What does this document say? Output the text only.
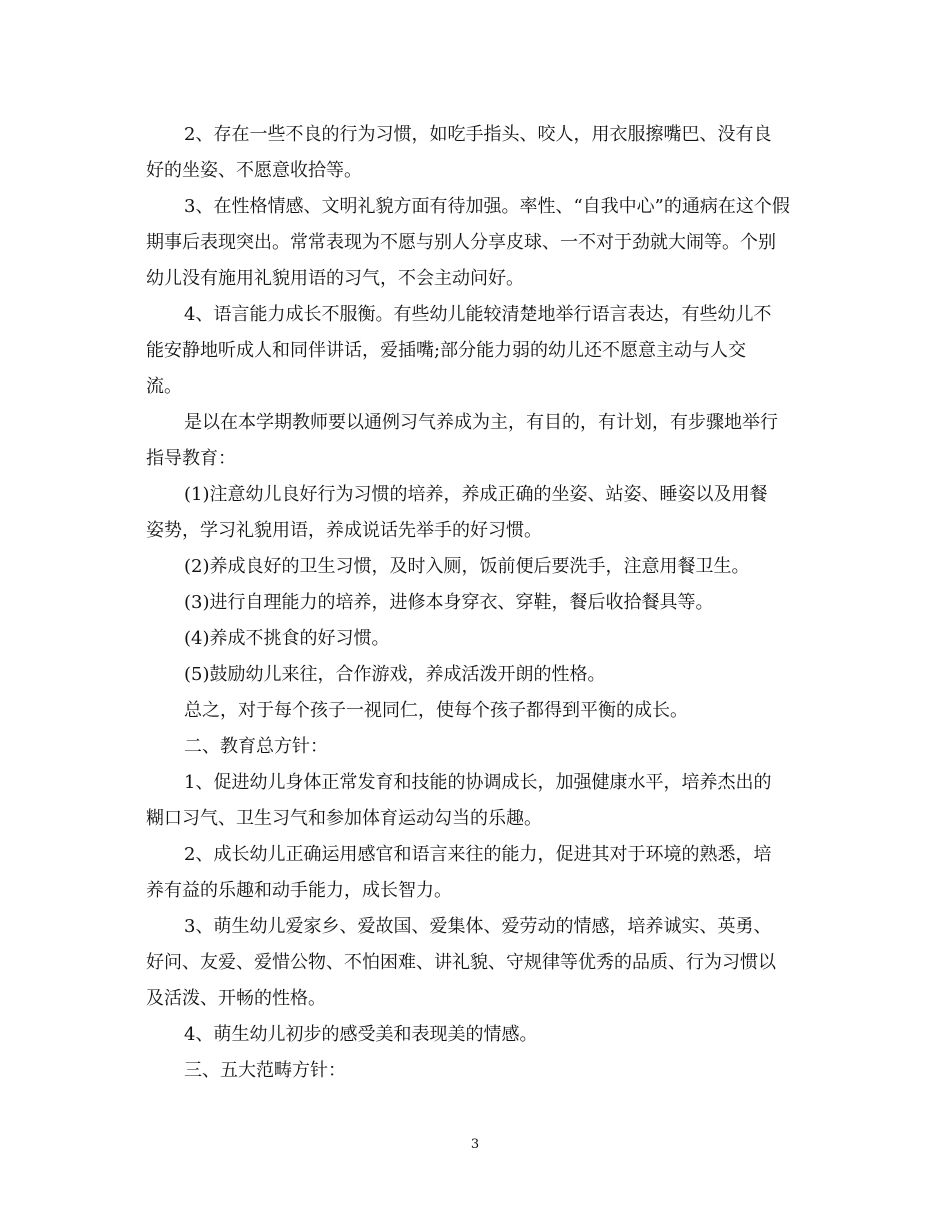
2、存在一些不良的行为习惯，如吃手指头、咬人，用衣服擦嘴巴、没有良
好的坐姿、不愿意收拾等。
3、在性格情感、文明礼貌方面有待加强。率性、“自我中心”的通病在这个假
期事后表现突出。常常表现为不愿与别人分享皮球、一不对于劲就大闹等。个别
幼儿没有施用礼貌用语的习气，不会主动问好。
4、语言能力成长不服衡。有些幼儿能较清楚地举行语言表达，有些幼儿不
能安静地听成人和同伴讲话，爱插嘴;部分能力弱的幼儿还不愿意主动与人交
流。
是以在本学期教师要以通例习气养成为主，有目的，有计划，有步骤地举行
指导教育：
(1)注意幼儿良好行为习惯的培养，养成正确的坐姿、站姿、睡姿以及用餐
姿势，学习礼貌用语，养成说话先举手的好习惯。
(2)养成良好的卫生习惯，及时入厕，饭前便后要洗手，注意用餐卫生。
(3)进行自理能力的培养，进修本身穿衣、穿鞋，餐后收拾餐具等。
(4)养成不挑食的好习惯。
(5)鼓励幼儿来往，合作游戏，养成活泼开朗的性格。
总之，对于每个孩子一视同仁，使每个孩子都得到平衡的成长。
二、教育总方针：
1、促进幼儿身体正常发育和技能的协调成长，加强健康水平，培养杰出的
糊口习气、卫生习气和参加体育运动勾当的乐趣。
2、成长幼儿正确运用感官和语言来往的能力，促进其对于环境的熟悉，培
养有益的乐趣和动手能力，成长智力。
3、萌生幼儿爱家乡、爱故国、爱集体、爱劳动的情感，培养诚实、英勇、
好问、友爱、爱惜公物、不怕困难、讲礼貌、守规律等优秀的品质、行为习惯以
及活泼、开畅的性格。
4、萌生幼儿初步的感受美和表现美的情感。
三、五大范畴方针：
3
